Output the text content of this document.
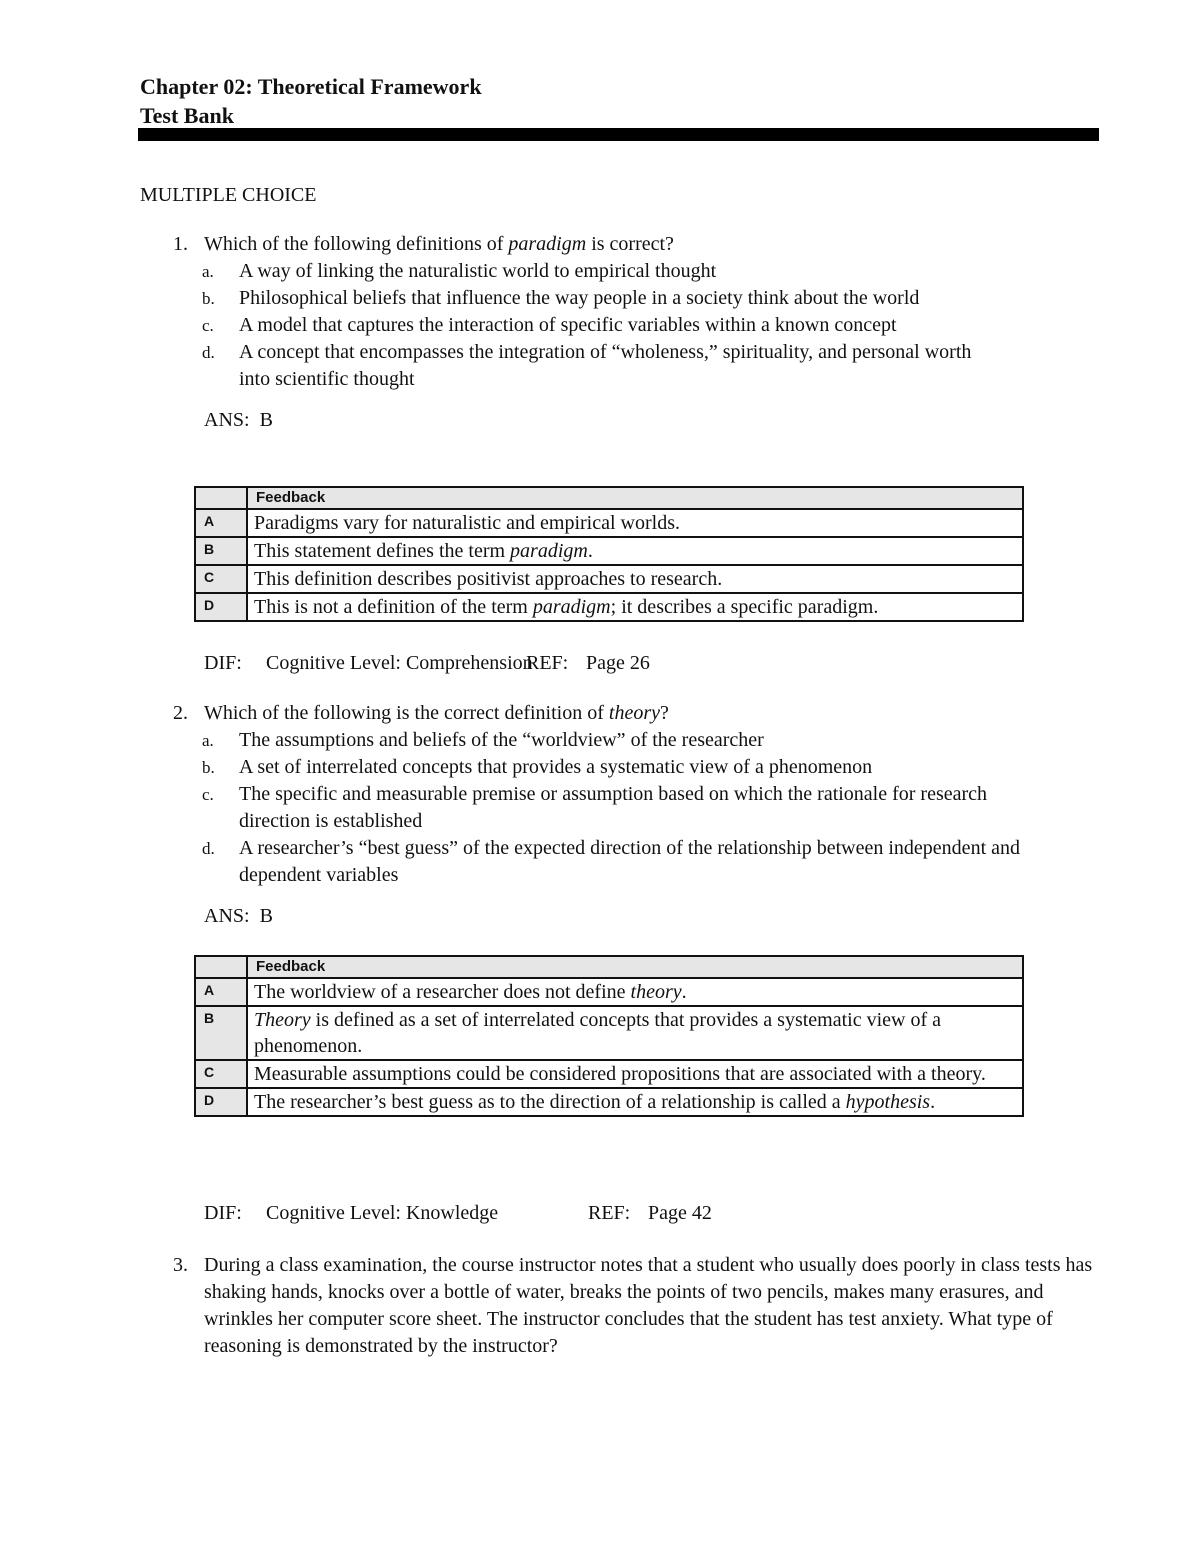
Chapter 02: Theoretical Framework

Test Bank

MULTIPLE CHOICE
1. Which of the following definitions of paradigm is correct?
a. A way of linking the naturalistic world to empirical thought
b. Philosophical beliefs that influence the way people in a society think about the world
c. A model that captures the interaction of specific variables within a known concept
d. A concept that encompasses the integration of “wholeness,” spirituality, and personal worth into scientific thought
ANS: B
	Feedback
A	Paradigms vary for naturalistic and empirical worlds.
B	This statement defines the term paradigm.
C	This definition describes positivist approaches to research.
D	This is not a definition of the term paradigm; it describes a specific paradigm.
DIF: Cognitive Level: ComprehensionREF: Page 26
2. Which of the following is the correct definition of theory?
a. The assumptions and beliefs of the “worldview” of the researcher
b. A set of interrelated concepts that provides a systematic view of a phenomenon
c. The specific and measurable premise or assumption based on which the rationale for research direction is established
d. A researcher’s “best guess” of the expected direction of the relationship between independent and dependent variables
ANS: B
	Feedback
A	The worldview of a researcher does not define theory.
B	Theory is defined as a set of interrelated concepts that provides a systematic view of a phenomenon.
C	Measurable assumptions could be considered propositions that are associated with a theory.
D	The researcher’s best guess as to the direction of a relationship is called a hypothesis.
DIF: Cognitive Level: Knowledge	REF: Page 42
3. During a class examination, the course instructor notes that a student who usually does poorly in class tests has shaking hands, knocks over a bottle of water, breaks the points of two pencils, makes many erasures, and wrinkles her computer score sheet. The instructor concludes that the student has test anxiety. What type of reasoning is demonstrated by the instructor?
